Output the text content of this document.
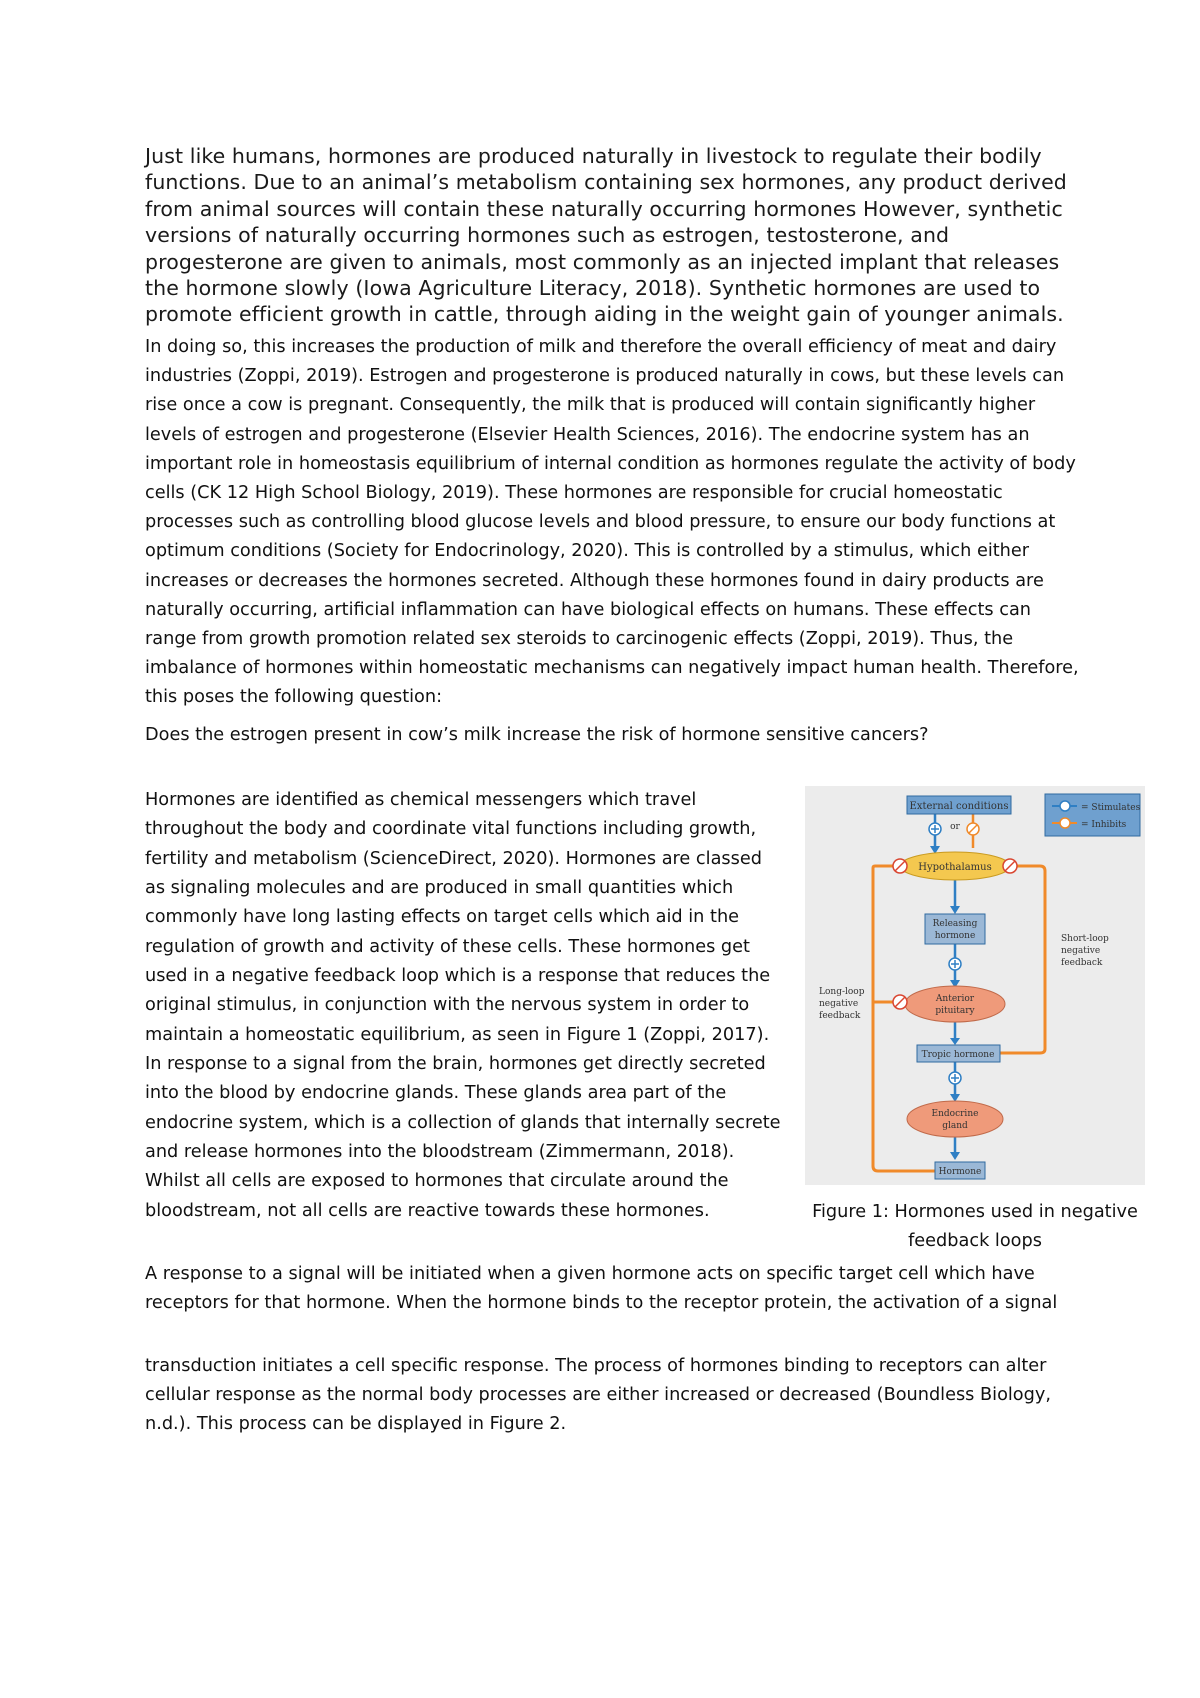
Just like humans, hormones are produced naturally in livestock to regulate their bodily functions. Due to an animal’s metabolism containing sex hormones, any product derived from animal sources will contain these naturally occurring hormones However, synthetic versions of naturally occurring hormones such as estrogen, testosterone, and progesterone are given to animals, most commonly as an injected implant that releases the hormone slowly (Iowa Agriculture Literacy, 2018). Synthetic hormones are used to promote efficient growth in cattle, through aiding in the weight gain of younger animals.

In doing so, this increases the production of milk and therefore the overall efficiency of meat and dairy industries (Zoppi, 2019). Estrogen and progesterone is produced naturally in cows, but these levels can rise once a cow is pregnant. Consequently, the milk that is produced will contain significantly higher levels of estrogen and progesterone (Elsevier Health Sciences, 2016). The endocrine system has an important role in homeostasis equilibrium of internal condition as hormones regulate the activity of body cells (CK 12 High School Biology, 2019). These hormones are responsible for crucial homeostatic processes such as controlling blood glucose levels and blood pressure, to ensure our body functions at optimum conditions (Society for Endocrinology, 2020). This is controlled by a stimulus, which either increases or decreases the hormones secreted. Although these hormones found in dairy products are naturally occurring, artificial inflammation can have biological effects on humans. These effects can range from growth promotion related sex steroids to carcinogenic effects (Zoppi, 2019). Thus, the imbalance of hormones within homeostatic mechanisms can negatively impact human health. Therefore, this poses the following question:

Does the estrogen present in cow’s milk increase the risk of hormone sensitive cancers?

Hormones are identified as chemical messengers which travel throughout the body and coordinate vital functions including growth, fertility and metabolism (ScienceDirect, 2020). Hormones are classed as signaling molecules and are produced in small quantities which commonly have long lasting effects on target cells which aid in the regulation of growth and activity of these cells. These hormones get used in a negative feedback loop which is a response that reduces the original stimulus, in conjunction with the nervous system in order to maintain a homeostatic equilibrium, as seen in Figure 1 (Zoppi, 2017). In response to a signal from the brain, hormones get directly secreted into the blood by endocrine glands. These glands area part of the endocrine system, which is a collection of glands that internally secrete and release hormones into the bloodstream (Zimmermann, 2018). Whilst all cells are exposed to hormones that circulate around the bloodstream, not all cells are reactive towards these hormones.

External conditions
or
= Stimulates
= Inhibits
Hypothalamus
Releasing
hormone
Anterior
pituitary
Tropic hormone
Endocrine
gland
Hormone
Short-loop
negative
feedback
Long-loop
negative
feedback

Figure 1: Hormones used in negative feedback loops

A response to a signal will be initiated when a given hormone acts on specific target cell which have receptors for that hormone. When the hormone binds to the receptor protein, the activation of a signal

transduction initiates a cell specific response. The process of hormones binding to receptors can alter cellular response as the normal body processes are either increased or decreased (Boundless Biology, n.d.). This process can be displayed in Figure 2.
